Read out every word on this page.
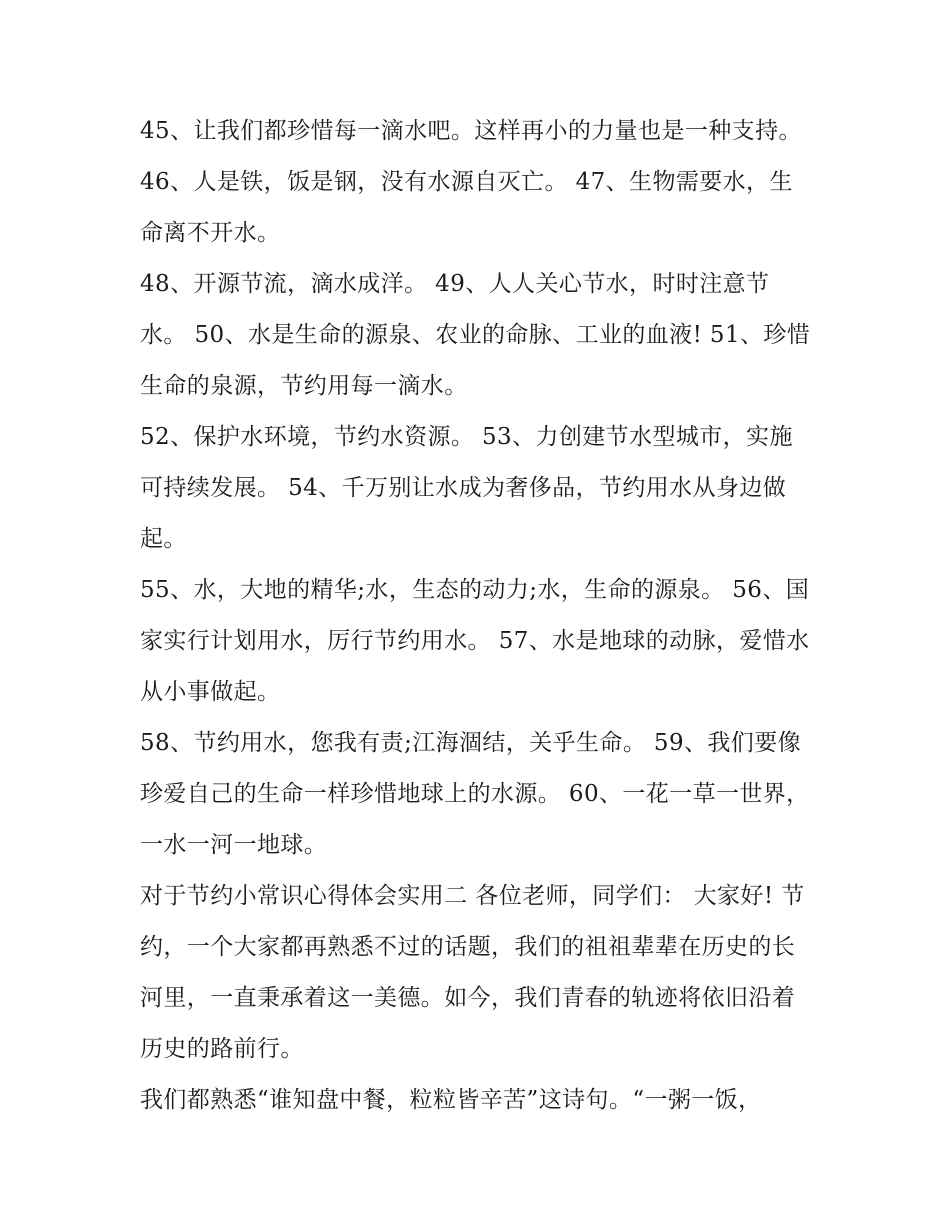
45、让我们都珍惜每一滴水吧。这样再小的力量也是一种支持。 46、人是铁，饭是钢，没有水源自灭亡。 47、生物需要水，生命离不开水。

48、开源节流，滴水成洋。 49、人人关心节水，时时注意节水。 50、水是生命的源泉、农业的命脉、工业的血液! 51、珍惜生命的泉源，节约用每一滴水。

52、保护水环境，节约水资源。 53、力创建节水型城市，实施可持续发展。 54、千万别让水成为奢侈品，节约用水从身边做起。

55、水，大地的精华;水，生态的动力;水，生命的源泉。 56、国家实行计划用水，厉行节约用水。 57、水是地球的动脉，爱惜水从小事做起。

58、节约用水，您我有责;江海涸结，关乎生命。 59、我们要像珍爱自己的生命一样珍惜地球上的水源。 60、一花一草一世界，一水一河一地球。

对于节约小常识心得体会实用二 各位老师，同学们： 大家好! 节约，一个大家都再熟悉不过的话题，我们的祖祖辈辈在历史的长河里，一直秉承着这一美德。如今，我们青春的轨迹将依旧沿着历史的路前行。

我们都熟悉“谁知盘中餐，粒粒皆辛苦”这诗句。“一粥一饭，
